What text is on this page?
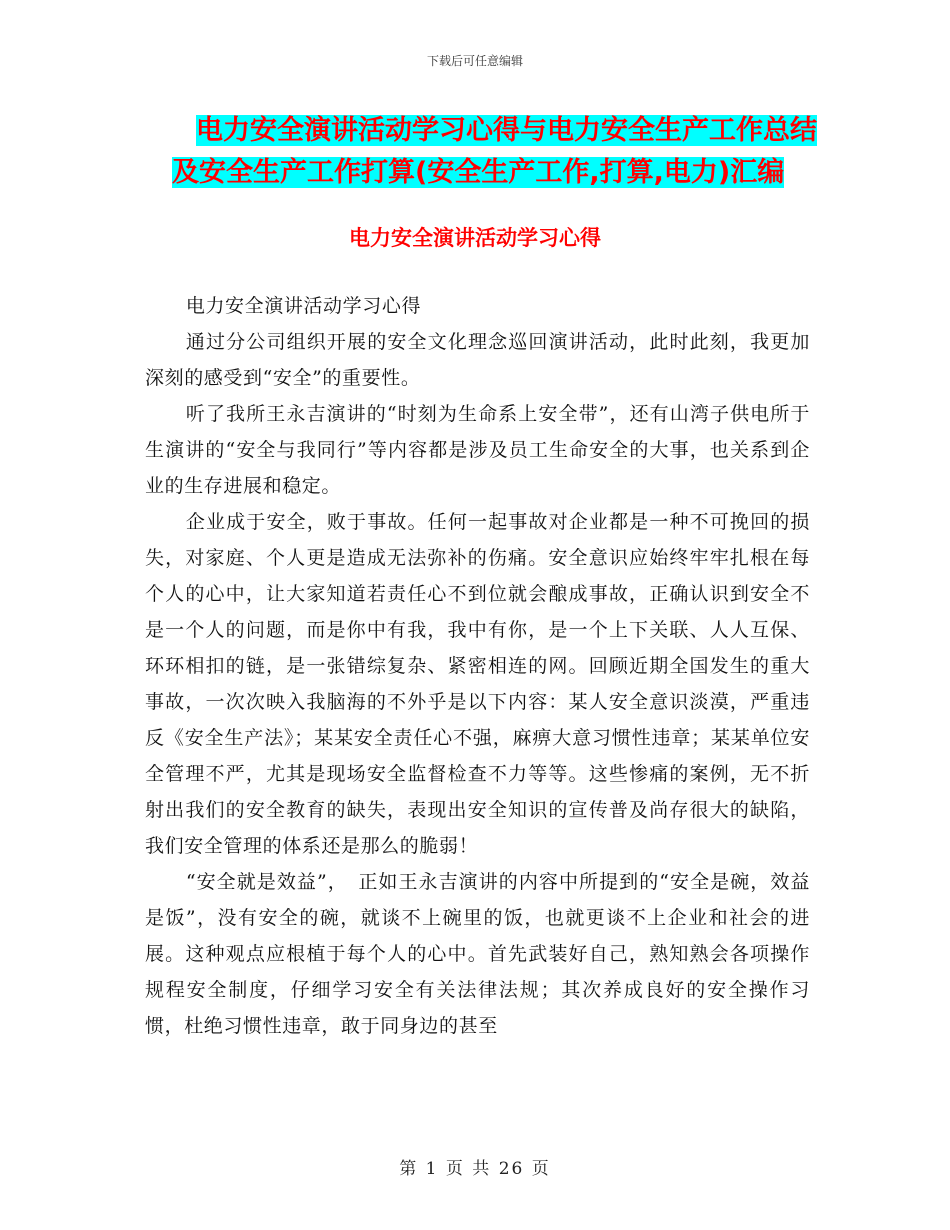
下载后可任意编辑
电力安全演讲活动学习心得与电力安全生产工作总结
及安全生产工作打算(安全生产工作,打算,电力)汇编
电力安全演讲活动学习心得

电力安全演讲活动学习心得

通过分公司组织开展的安全文化理念巡回演讲活动，此时此刻，我更加深刻的感受到“安全”的重要性。

听了我所王永吉演讲的“时刻为生命系上安全带”，还有山湾子供电所于生演讲的“安全与我同行”等内容都是涉及员工生命安全的大事，也关系到企业的生存进展和稳定。

企业成于安全，败于事故。任何一起事故对企业都是一种不可挽回的损失，对家庭、个人更是造成无法弥补的伤痛。安全意识应始终牢牢扎根在每个人的心中，让大家知道若责任心不到位就会酿成事故，正确认识到安全不是一个人的问题，而是你中有我，我中有你，是一个上下关联、人人互保、环环相扣的链，是一张错综复杂、紧密相连的网。回顾近期全国发生的重大事故，一次次映入我脑海的不外乎是以下内容：某人安全意识淡漠，严重违反《安全生产法》；某某安全责任心不强，麻痹大意习惯性违章；某某单位安全管理不严，尤其是现场安全监督检查不力等等。这些惨痛的案例，无不折射出我们的安全教育的缺失，表现出安全知识的宣传普及尚存很大的缺陷，我们安全管理的体系还是那么的脆弱！

“安全就是效益”，　正如王永吉演讲的内容中所提到的“安全是碗，效益是饭”，没有安全的碗，就谈不上碗里的饭，也就更谈不上企业和社会的进展。这种观点应根植于每个人的心中。首先武装好自己，熟知熟会各项操作规程安全制度，仔细学习安全有关法律法规；其次养成良好的安全操作习惯，杜绝习惯性违章，敢于同身边的甚至

第 1 页 共 26 页
